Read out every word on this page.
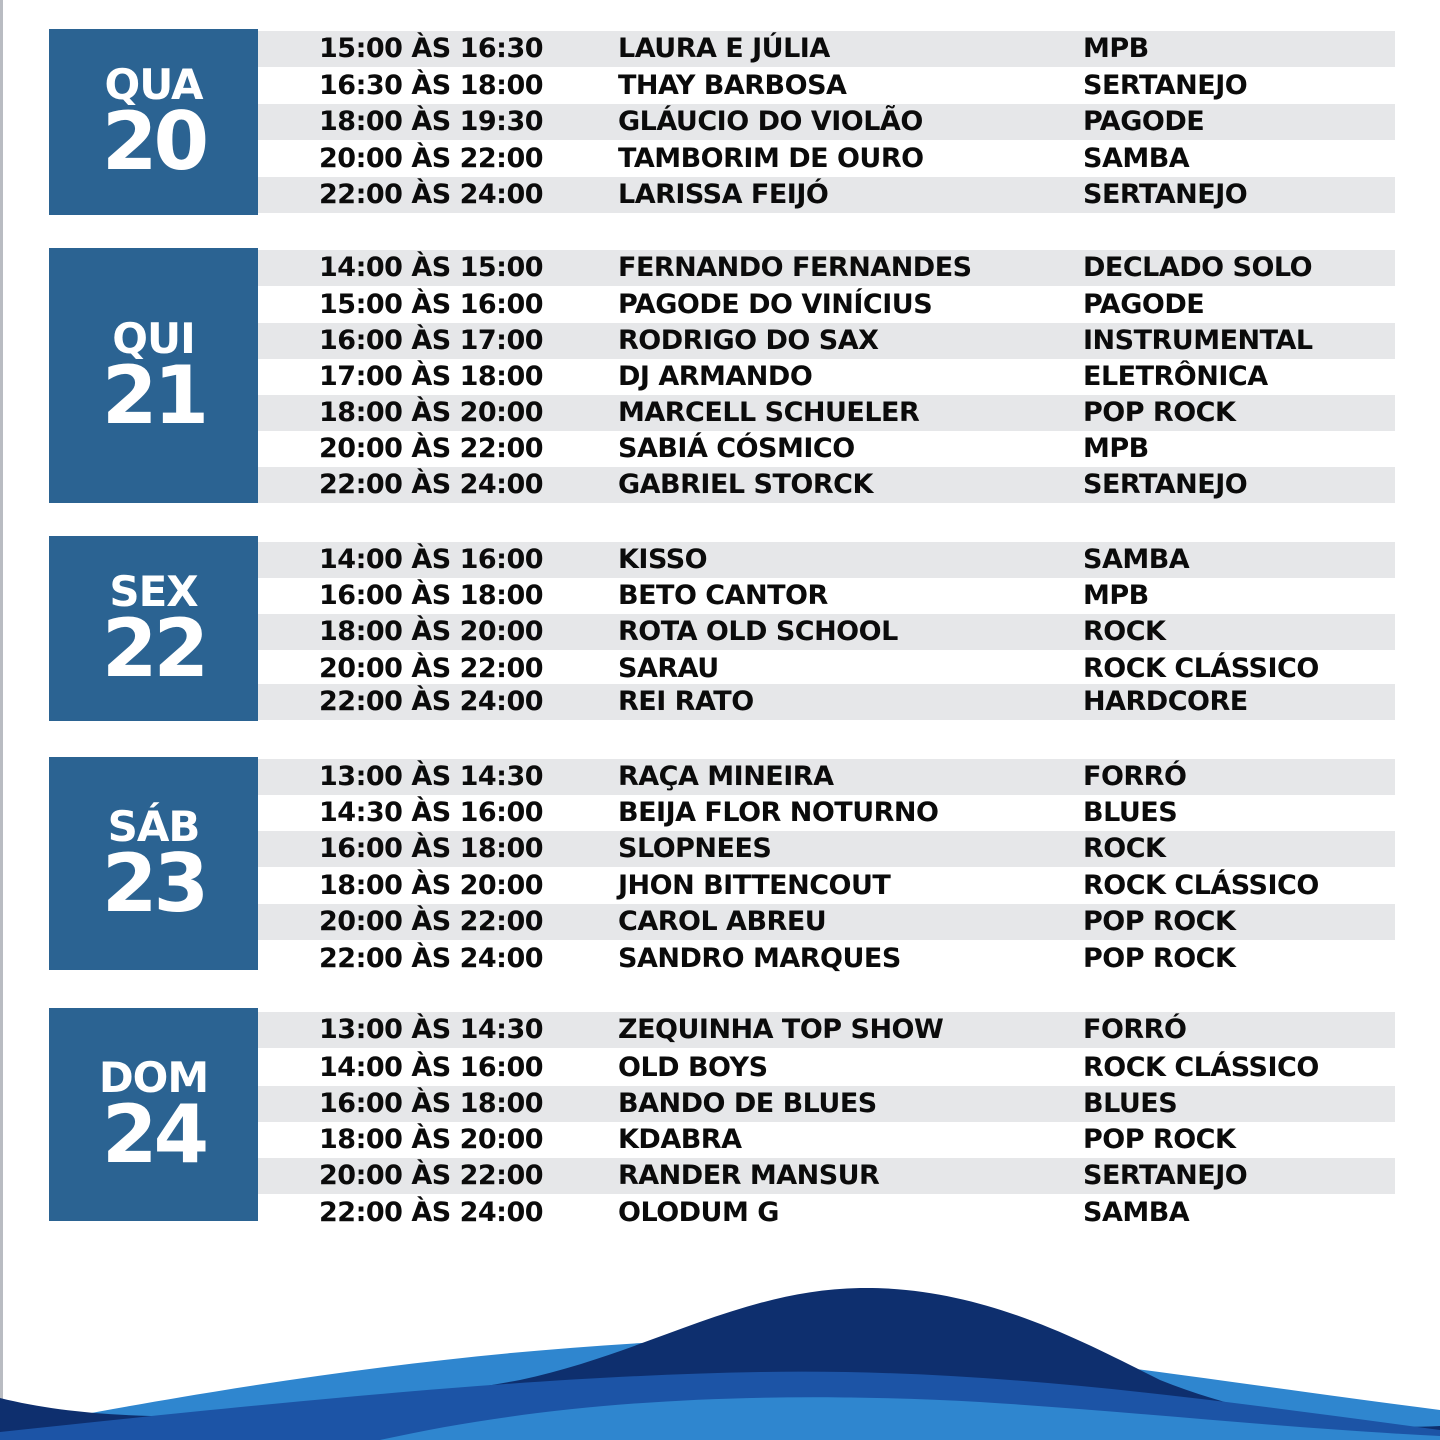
QUA
20
15:00 ÀS 16:30	LAURA E JÚLIA	MPB
16:30 ÀS 18:00	THAY BARBOSA	SERTANEJO
18:00 ÀS 19:30	GLÁUCIO DO VIOLÃO	PAGODE
20:00 ÀS 22:00	TAMBORIM DE OURO	SAMBA
22:00 ÀS 24:00	LARISSA FEIJÓ	SERTANEJO
QUI
21
14:00 ÀS 15:00	FERNANDO FERNANDES	DECLADO SOLO
15:00 ÀS 16:00	PAGODE DO VINÍCIUS	PAGODE
16:00 ÀS 17:00	RODRIGO DO SAX	INSTRUMENTAL
17:00 ÀS 18:00	DJ ARMANDO	ELETRÔNICA
18:00 ÀS 20:00	MARCELL SCHUELER	POP ROCK
20:00 ÀS 22:00	SABIÁ CÓSMICO	MPB
22:00 ÀS 24:00	GABRIEL STORCK	SERTANEJO
SEX
22
14:00 ÀS 16:00	KISSO	SAMBA
16:00 ÀS 18:00	BETO CANTOR	MPB
18:00 ÀS 20:00	ROTA OLD SCHOOL	ROCK
20:00 ÀS 22:00	SARAU	ROCK CLÁSSICO
22:00 ÀS 24:00	REI RATO	HARDCORE
SÁB
23
13:00 ÀS 14:30	RAÇA MINEIRA	FORRÓ
14:30 ÀS 16:00	BEIJA FLOR NOTURNO	BLUES
16:00 ÀS 18:00	SLOPNEES	ROCK
18:00 ÀS 20:00	JHON BITTENCOUT	ROCK CLÁSSICO
20:00 ÀS 22:00	CAROL ABREU	POP ROCK
22:00 ÀS 24:00	SANDRO MARQUES	POP ROCK
DOM
24
13:00 ÀS 14:30	ZEQUINHA TOP SHOW	FORRÓ
14:00 ÀS 16:00	OLD BOYS	ROCK CLÁSSICO
16:00 ÀS 18:00	BANDO DE BLUES	BLUES
18:00 ÀS 20:00	KDABRA	POP ROCK
20:00 ÀS 22:00	RANDER MANSUR	SERTANEJO
22:00 ÀS 24:00	OLODUM G	SAMBA
